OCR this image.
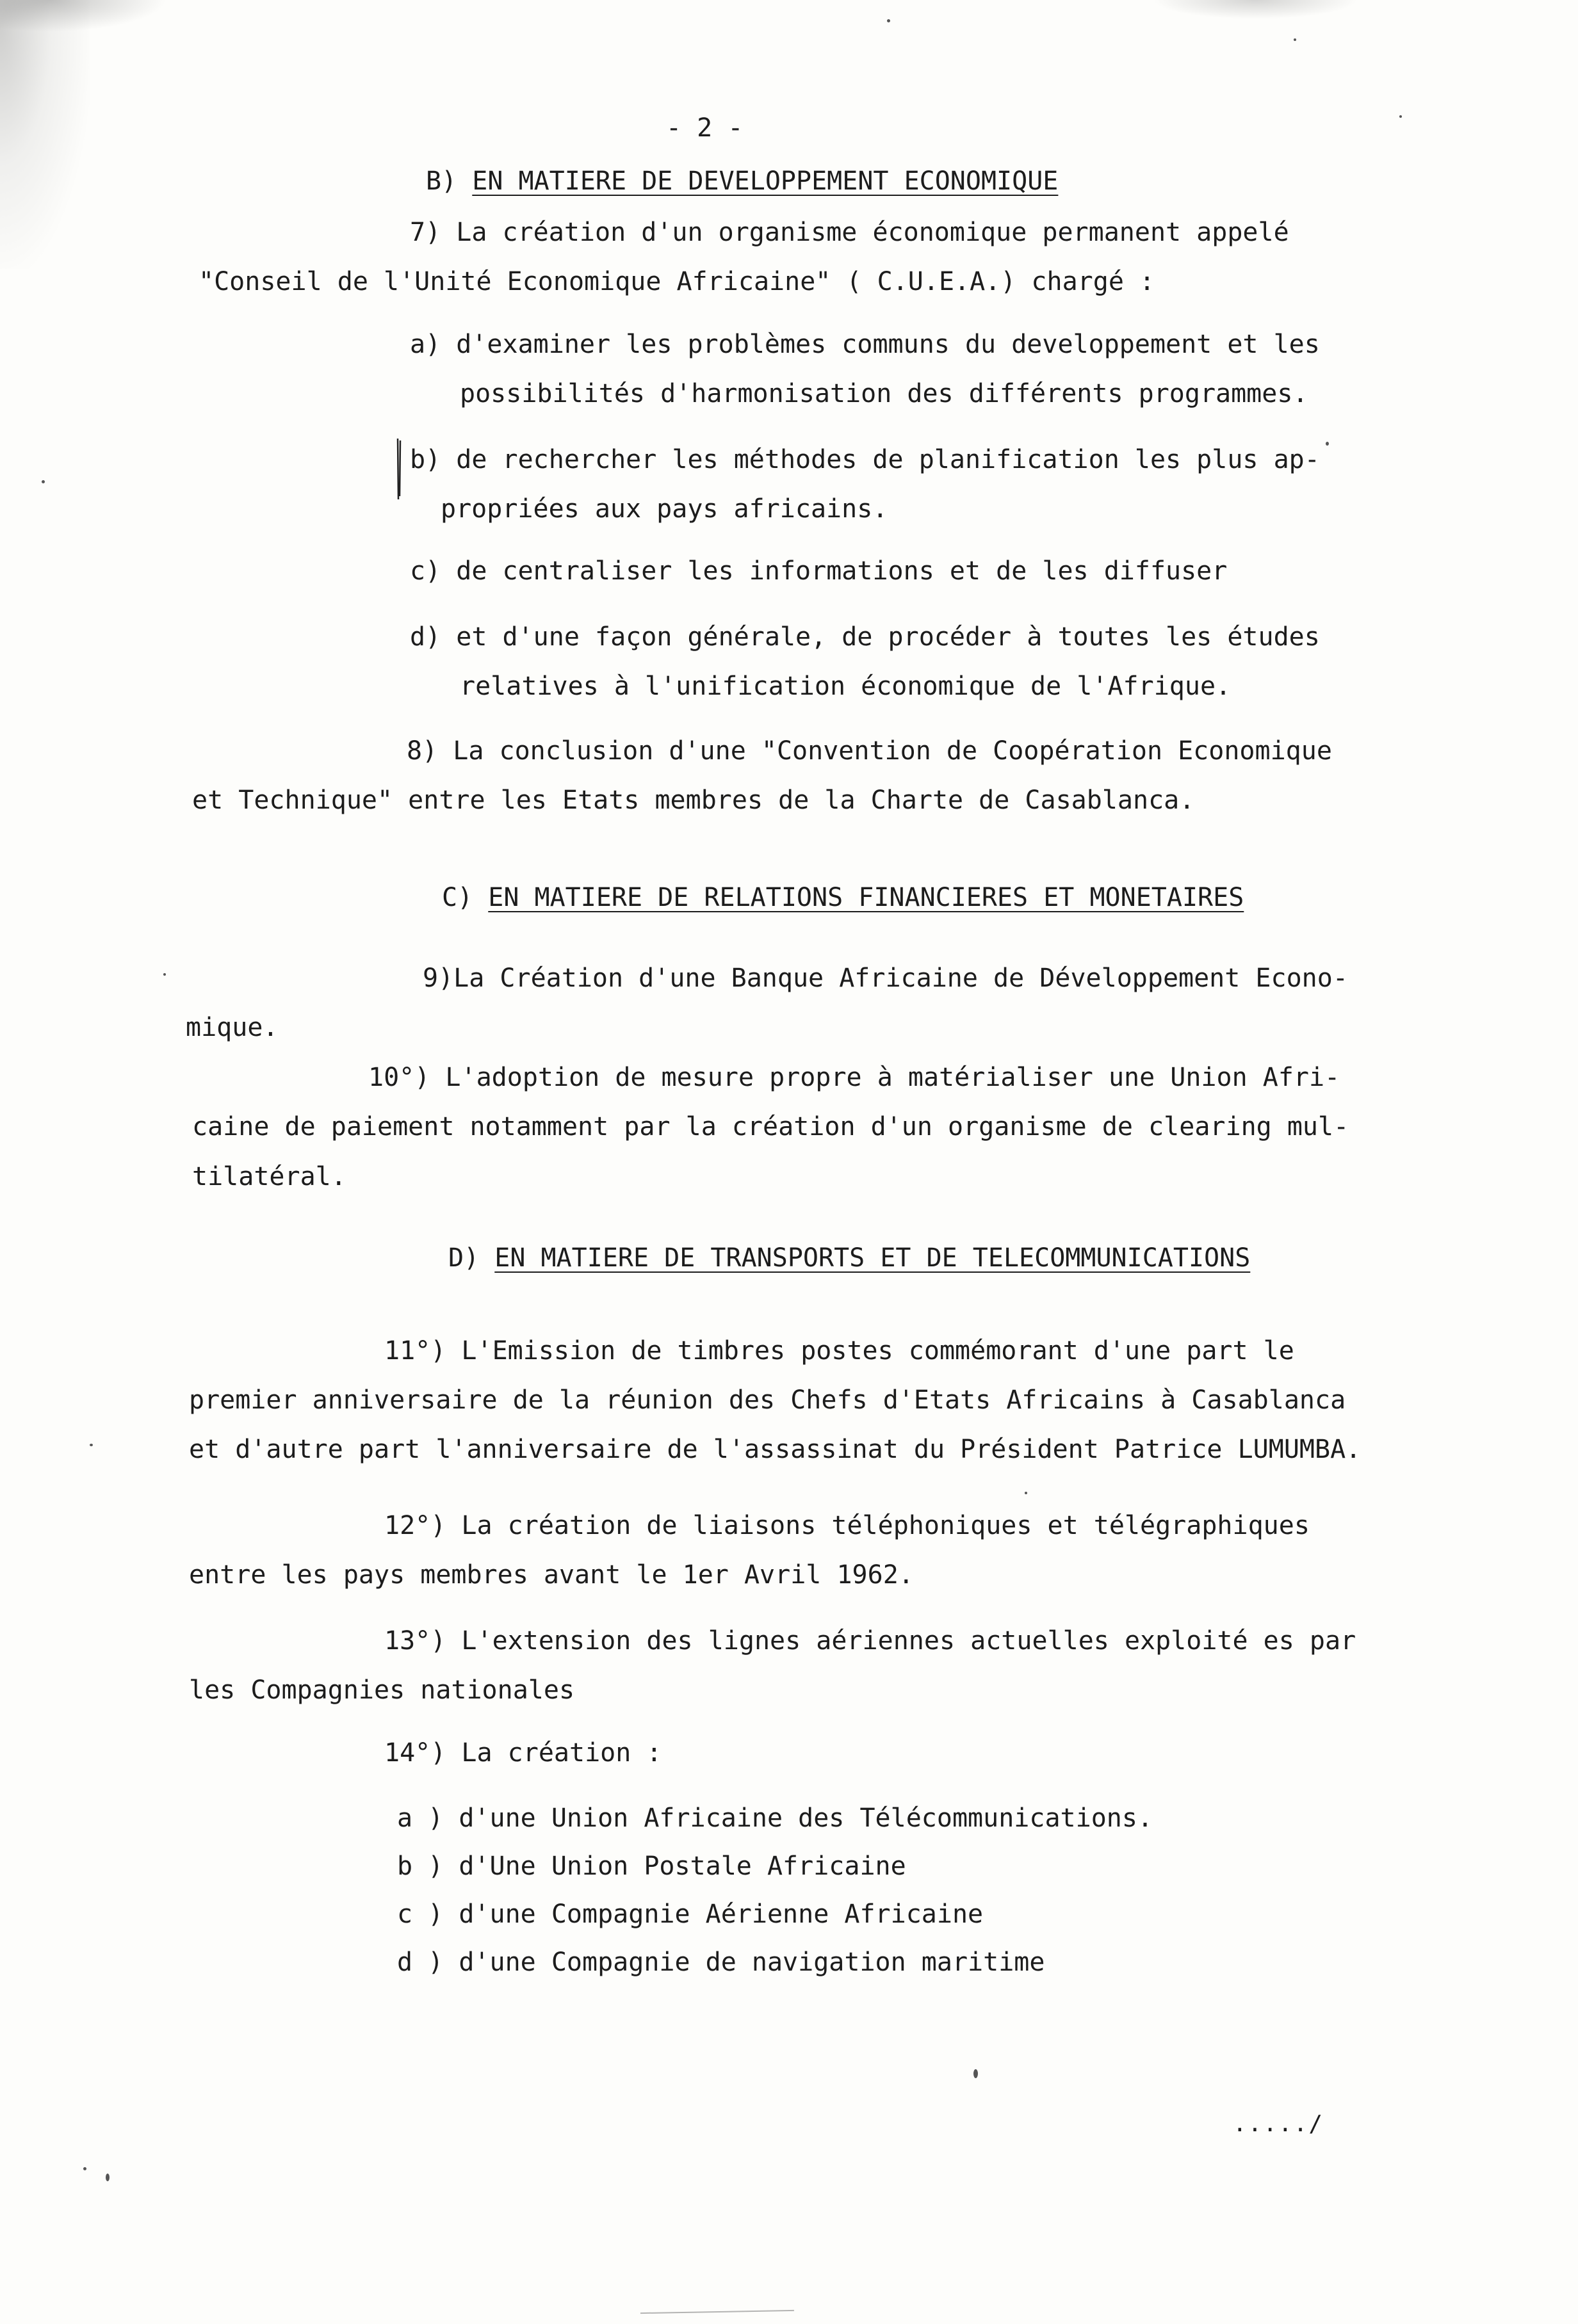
- 2 -
B) EN MATIERE DE DEVELOPPEMENT ECONOMIQUE
7) La création d'un organisme économique permanent appelé
"Conseil de l'Unité Economique Africaine" ( C.U.E.A.) chargé :
a) d'examiner les problèmes communs du developpement et les
possibilités d'harmonisation des différents programmes.
b) de rechercher les méthodes de planification les plus ap-
propriées aux pays africains.
c) de centraliser les informations et de les diffuser
d) et d'une façon générale, de procéder à toutes les études
relatives à l'unification économique de l'Afrique.
8) La conclusion d'une "Convention de Coopération Economique
et Technique" entre les Etats membres de la Charte de Casablanca.
C) EN MATIERE DE RELATIONS FINANCIERES ET MONETAIRES
9)La Création d'une Banque Africaine de Développement Econo-
mique.
10°) L'adoption de mesure propre à matérialiser une Union Afri-
caine de paiement notamment par la création d'un organisme de clearing mul-
tilatéral.
D) EN MATIERE DE TRANSPORTS ET DE TELECOMMUNICATIONS
11°) L'Emission de timbres postes commémorant d'une part le
premier anniversaire de la réunion des Chefs d'Etats Africains à Casablanca
et d'autre part l'anniversaire de l'assassinat du Président Patrice LUMUMBA.
12°) La création de liaisons téléphoniques et télégraphiques
entre les pays membres avant le 1er Avril 1962.
13°) L'extension des lignes aériennes actuelles exploité es par
les Compagnies nationales
14°) La création :
a ) d'une Union Africaine des Télécommunications.
b ) d'Une Union Postale Africaine
c ) d'une Compagnie Aérienne Africaine
d ) d'une Compagnie de navigation maritime
...../
